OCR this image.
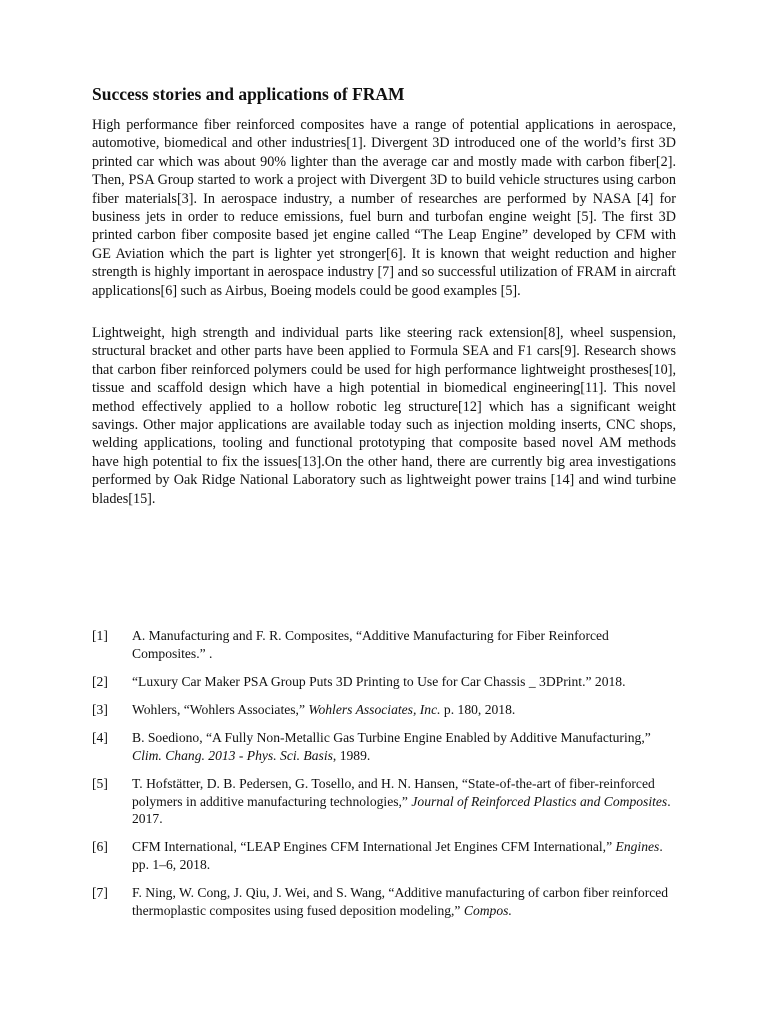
Success stories and applications of FRAM

High performance fiber reinforced composites have a range of potential applications in aerospace, automotive, biomedical and other industries[1]. Divergent 3D introduced one of the world’s first 3D printed car which was about 90% lighter than the average car and mostly made with carbon fiber[2]. Then, PSA Group started to work a project with Divergent 3D to build vehicle structures using carbon fiber materials[3]. In aerospace industry, a number of researches are performed by NASA [4] for business jets in order to reduce emissions, fuel burn and turbofan engine weight [5]. The first 3D printed carbon fiber composite based jet engine called “The Leap Engine” developed by CFM with GE Aviation which the part is lighter yet stronger[6]. It is known that weight reduction and higher strength is highly important in aerospace industry [7] and so successful utilization of FRAM in aircraft applications[6] such as Airbus, Boeing models could be good examples [5].

Lightweight, high strength and individual parts like steering rack extension[8], wheel suspension, structural bracket and other parts have been applied to Formula SEA and F1 cars[9]. Research shows that carbon fiber reinforced polymers could be used for high performance lightweight prostheses[10], tissue and scaffold design which have a high potential in biomedical engineering[11]. This novel method effectively applied to a hollow robotic leg structure[12] which has a significant weight savings. Other major applications are available today such as injection molding inserts, CNC shops, welding applications, tooling and functional prototyping that composite based novel AM methods have high potential to fix the issues[13].On the other hand, there are currently big area investigations performed by Oak Ridge National Laboratory such as lightweight power trains [14] and wind turbine blades[15].

[1]	A. Manufacturing and F. R. Composites, “Additive Manufacturing for Fiber Reinforced Composites.” .
[2]	“Luxury Car Maker PSA Group Puts 3D Printing to Use for Car Chassis _ 3DPrint.” 2018.
[3]	Wohlers, “Wohlers Associates,” Wohlers Associates, Inc. p. 180, 2018.
[4]	B. Soediono, “A Fully Non-Metallic Gas Turbine Engine Enabled by Additive Manufacturing,” Clim. Chang. 2013 - Phys. Sci. Basis, 1989.
[5]	T. Hofstätter, D. B. Pedersen, G. Tosello, and H. N. Hansen, “State-of-the-art of fiber-reinforced polymers in additive manufacturing technologies,” Journal of Reinforced Plastics and Composites. 2017.
[6]	CFM International, “LEAP Engines CFM International Jet Engines CFM International,” Engines. pp. 1–6, 2018.
[7]	F. Ning, W. Cong, J. Qiu, J. Wei, and S. Wang, “Additive manufacturing of carbon fiber reinforced thermoplastic composites using fused deposition modeling,” Compos.
